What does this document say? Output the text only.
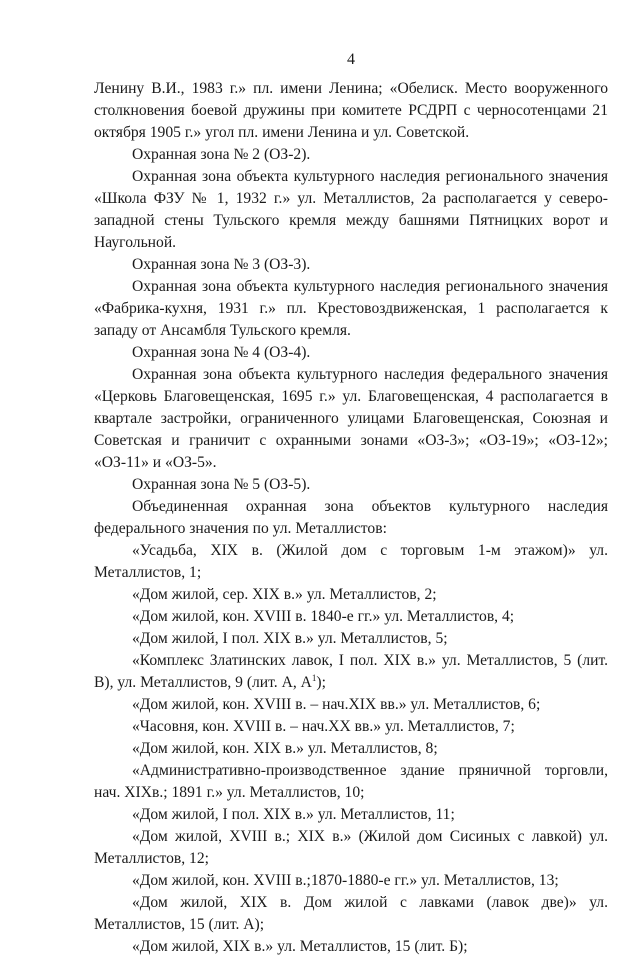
4

Ленину В.И., 1983 г.» пл. имени Ленина; «Обелиск. Место вооруженного столкновения боевой дружины при комитете РСДРП с черносотенцами 21 октября 1905 г.» угол пл. имени Ленина и ул. Советской.

Охранная зона № 2 (ОЗ-2).

Охранная зона объекта культурного наследия регионального значения «Школа ФЗУ № 1, 1932 г.» ул. Металлистов, 2а располагается у северо-западной стены Тульского кремля между башнями Пятницких ворот и Наугольной.

Охранная зона № 3 (ОЗ-3).

Охранная зона объекта культурного наследия регионального значения «Фабрика-кухня, 1931 г.» пл. Крестовоздвиженская, 1 располагается к западу от Ансамбля Тульского кремля.

Охранная зона № 4 (ОЗ-4).

Охранная зона объекта культурного наследия федерального значения «Церковь Благовещенская, 1695 г.» ул. Благовещенская, 4 располагается в квартале застройки, ограниченного улицами Благовещенская, Союзная и Советская и граничит с охранными зонами «ОЗ-3»; «ОЗ-19»; «ОЗ-12»; «ОЗ-11» и «ОЗ-5».

Охранная зона № 5 (ОЗ-5).

Объединенная охранная зона объектов культурного наследия федерального значения по ул. Металлистов:

«Усадьба, XIX в. (Жилой дом с торговым 1-м этажом)» ул. Металлистов, 1;

«Дом жилой, сер. XIX в.» ул. Металлистов, 2;

«Дом жилой, кон. XVIII в. 1840-е гг.» ул. Металлистов, 4;

«Дом жилой, I пол. XIX в.» ул. Металлистов, 5;

«Комплекс Златинских лавок, I пол. XIX в.» ул. Металлистов, 5 (лит. В), ул. Металлистов, 9 (лит. А, $А^1$);

«Дом жилой, кон. XVIII в. – нач.XIX вв.» ул. Металлистов, 6;

«Часовня, кон. XVIII в. – нач.XX вв.» ул. Металлистов, 7;

«Дом жилой, кон. XIX в.» ул. Металлистов, 8;

«Административно-производственное здание пряничной торговли, нач. XIXв.; 1891 г.» ул. Металлистов, 10;

«Дом жилой, I пол. XIX в.» ул. Металлистов, 11;

«Дом жилой, XVIII в.; XIX в.» (Жилой дом Сисиных с лавкой) ул. Металлистов, 12;

«Дом жилой, кон. XVIII в.;1870-1880-е гг.» ул. Металлистов, 13;

«Дом жилой, XIX в. Дом жилой с лавками (лавок две)» ул. Металлистов, 15 (лит. А);

«Дом жилой, XIX в.» ул. Металлистов, 15 (лит. Б);
